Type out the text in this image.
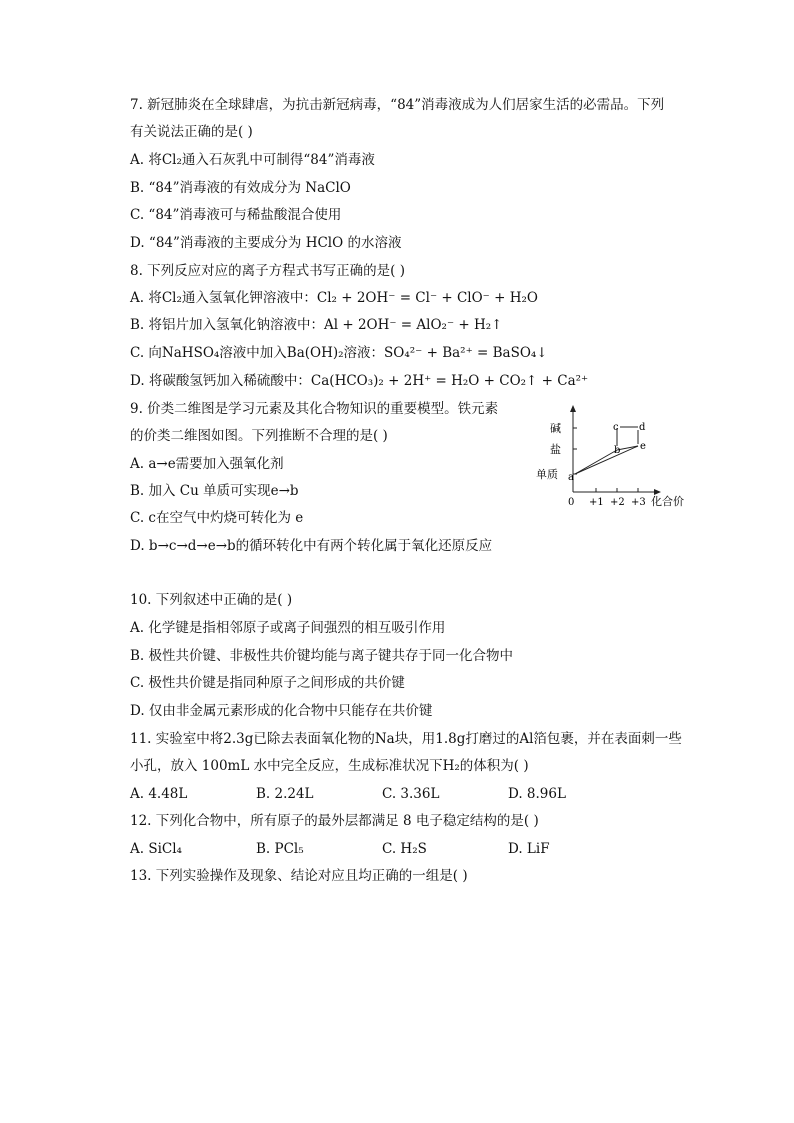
7. 新冠肺炎在全球肆虐，为抗击新冠病毒，“84”消毒液成为人们居家生活的必需品。下列
有关说法正确的是( )
A. 将Cl₂通入石灰乳中可制得“84”消毒液
B. “84”消毒液的有效成分为 NaClO
C. “84”消毒液可与稀盐酸混合使用
D. “84”消毒液的主要成分为 HClO 的水溶液
8. 下列反应对应的离子方程式书写正确的是( )
A. 将Cl₂通入氢氧化钾溶液中：Cl₂ + 2OH⁻ = Cl⁻ + ClO⁻ + H₂O
B. 将铝片加入氢氧化钠溶液中：Al + 2OH⁻ = AlO₂⁻ + H₂↑
C. 向NaHSO₄溶液中加入Ba(OH)₂溶液：SO₄²⁻ + Ba²⁺ = BaSO₄↓
D. 将碳酸氢钙加入稀硫酸中：Ca(HCO₃)₂ + 2H⁺ = H₂O + CO₂↑ + Ca²⁺
9. 价类二维图是学习元素及其化合物知识的重要模型。铁元素
的价类二维图如图。下列推断不合理的是( )
A. a→e需要加入强氧化剂
B. 加入 Cu 单质可实现e→b
C. c在空气中灼烧可转化为 e
D. b→c→d→e→b的循环转化中有两个转化属于氧化还原反应
碱
盐
单质
0 +1 +2 +3 化合价
a
b
c d
e
10. 下列叙述中正确的是( )
A. 化学键是指相邻原子或离子间强烈的相互吸引作用
B. 极性共价键、非极性共价键均能与离子键共存于同一化合物中
C. 极性共价键是指同种原子之间形成的共价键
D. 仅由非金属元素形成的化合物中只能存在共价键
11. 实验室中将2.3g已除去表面氧化物的Na块，用1.8g打磨过的Al箔包裹，并在表面刺一些
小孔，放入 100mL 水中完全反应，生成标准状况下H₂的体积为( )
A. 4.48L	B. 2.24L	C. 3.36L	D. 8.96L
12. 下列化合物中，所有原子的最外层都满足 8 电子稳定结构的是( )
A. SiCl₄	B. PCl₅	C. H₂S	D. LiF
13. 下列实验操作及现象、结论对应且均正确的一组是( )
